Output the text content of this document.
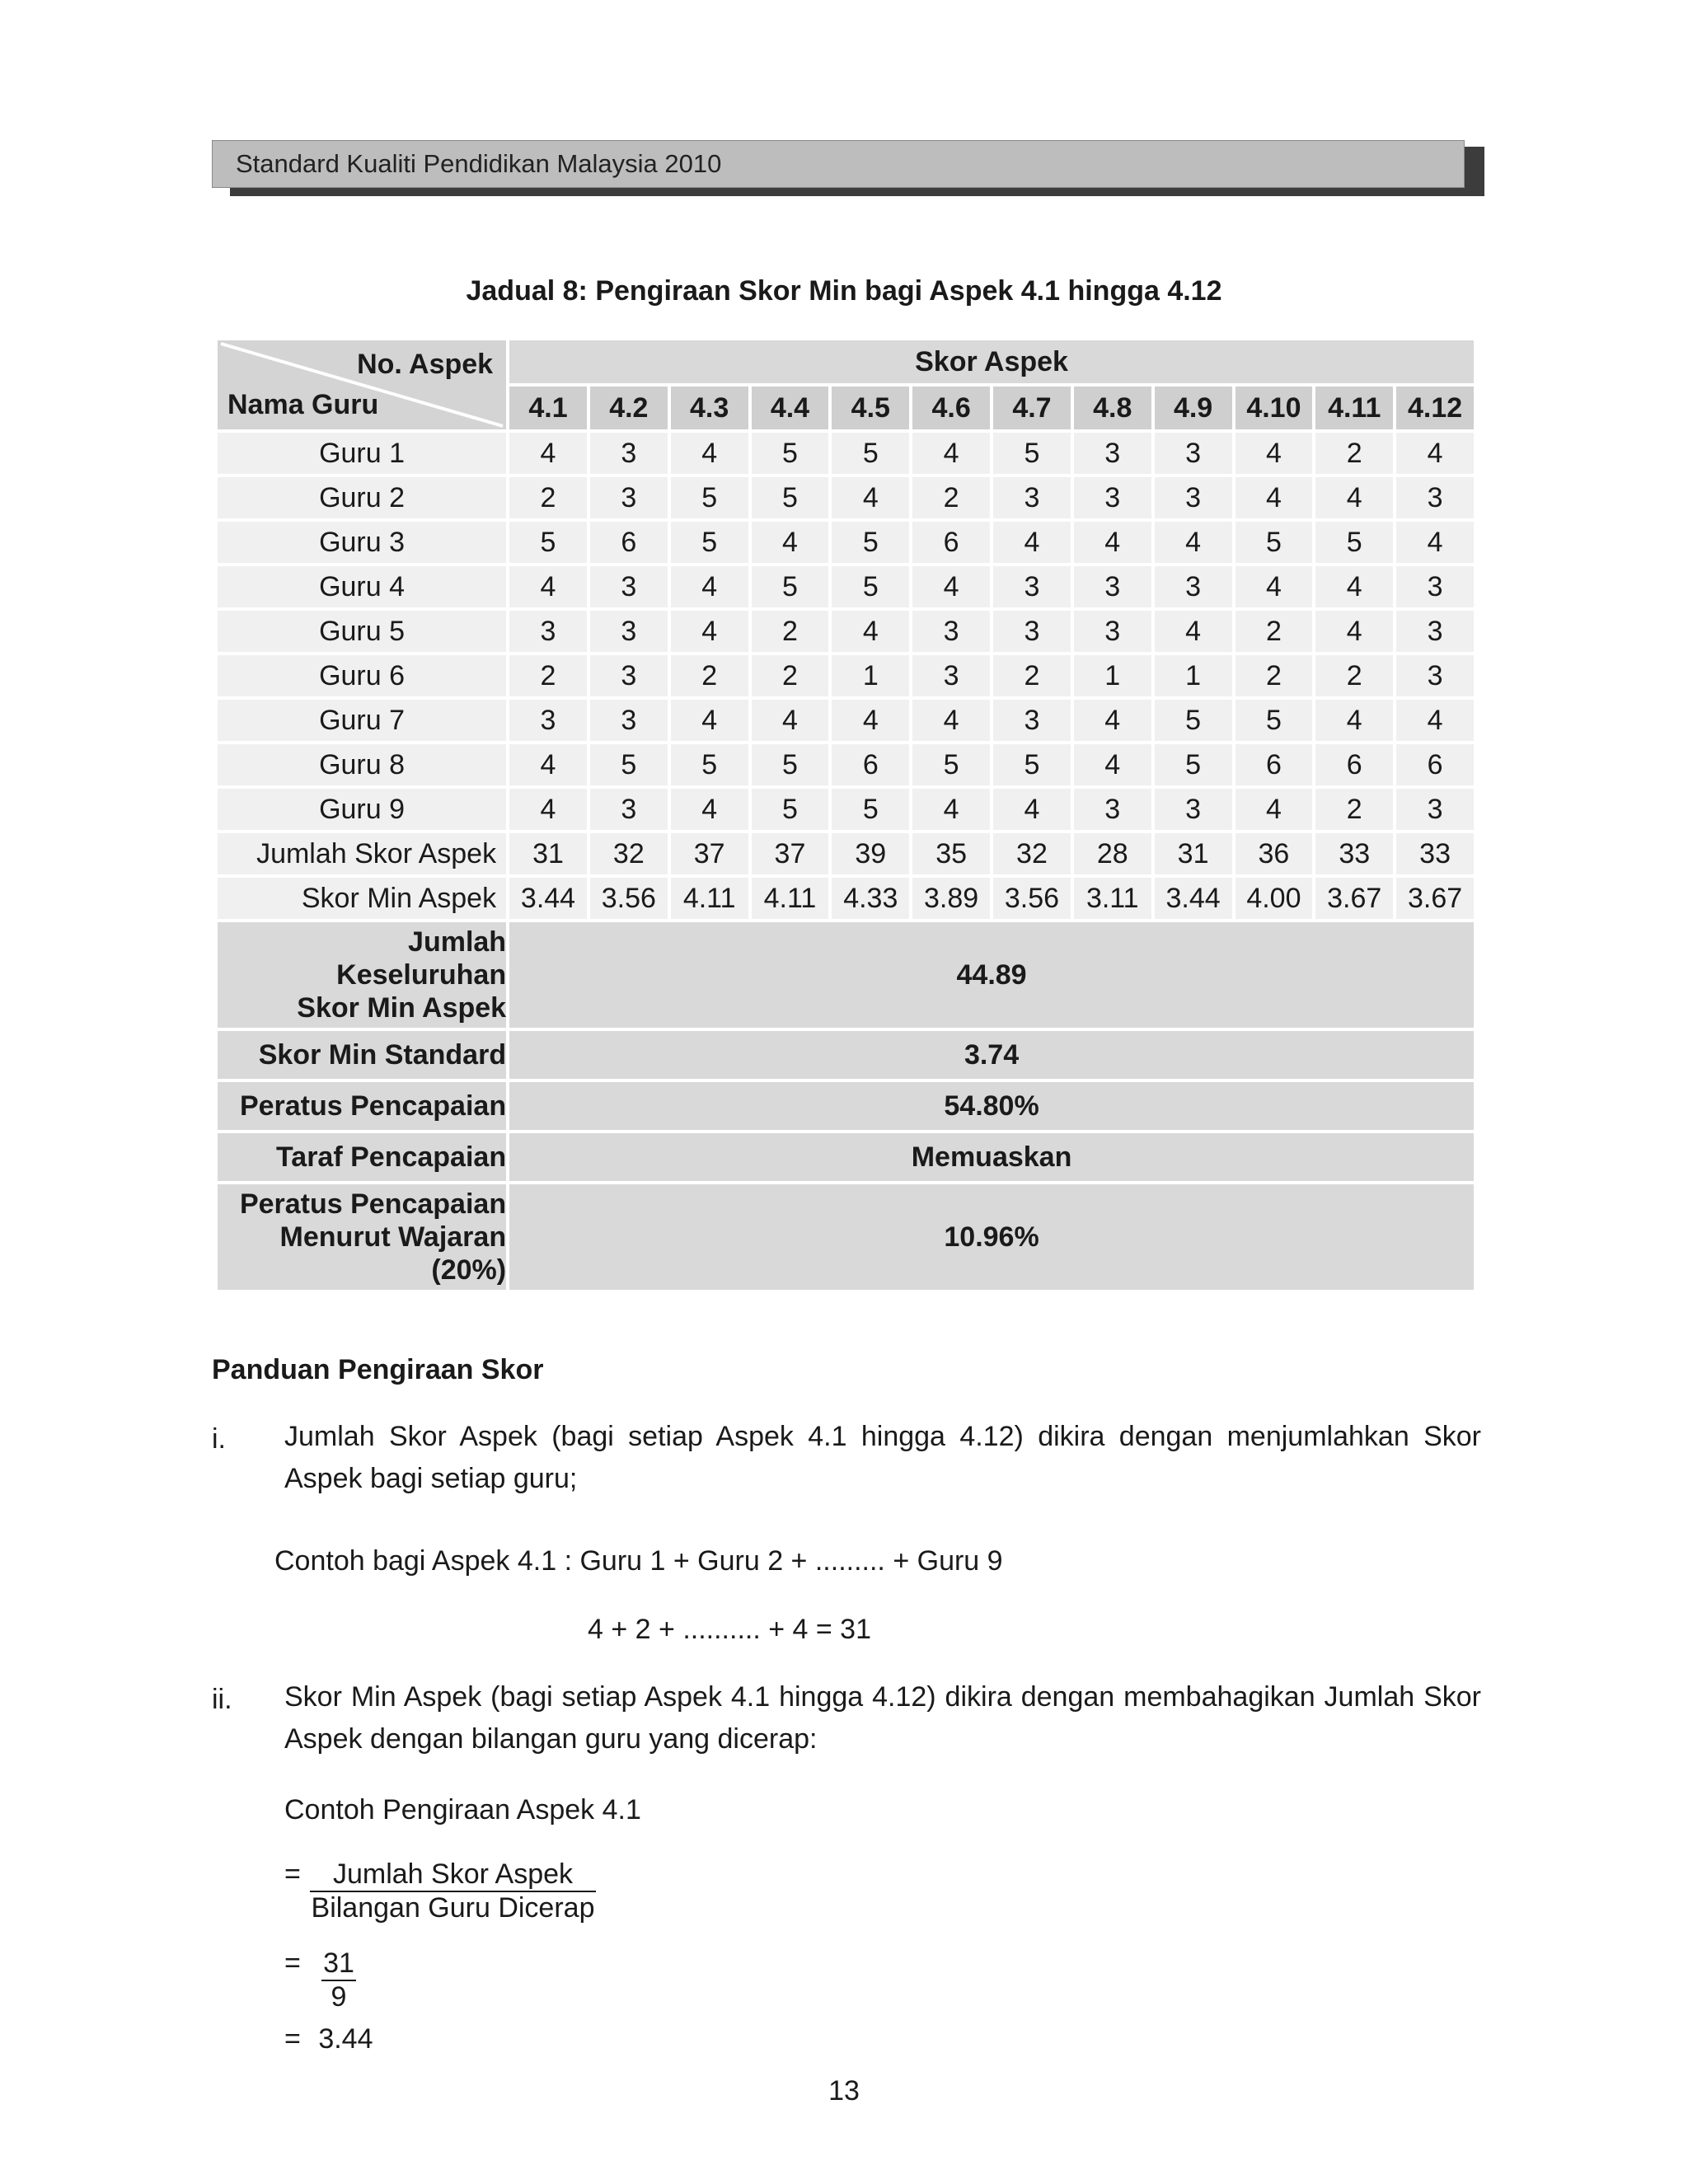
Standard Kualiti Pendidikan Malaysia 2010
Jadual 8: Pengiraan Skor Min bagi Aspek 4.1 hingga 4.12
No. Aspek
Nama Guru	Skor Aspek											
	4.1	4.2	4.3	4.4	4.5	4.6	4.7	4.8	4.9	4.10	4.11	4.12
Guru 1	4	3	4	5	5	4	5	3	3	4	2	4
Guru 2	2	3	5	5	4	2	3	3	3	4	4	3
Guru 3	5	6	5	4	5	6	4	4	4	5	5	4
Guru 4	4	3	4	5	5	4	3	3	3	4	4	3
Guru 5	3	3	4	2	4	3	3	3	4	2	4	3
Guru 6	2	3	2	2	1	3	2	1	1	2	2	3
Guru 7	3	3	4	4	4	4	3	4	5	5	4	4
Guru 8	4	5	5	5	6	5	5	4	5	6	6	6
Guru 9	4	3	4	5	5	4	4	3	3	4	2	3
Jumlah Skor Aspek	31	32	37	37	39	35	32	28	31	36	33	33
Skor Min Aspek	3.44	3.56	4.11	4.11	4.33	3.89	3.56	3.11	3.44	4.00	3.67	3.67

Jumlah
Keseluruhan
Skor Min Aspek	44.89											

Skor Min Standard	3.74											

Peratus Pencapaian	54.80%											

Taraf Pencapaian	Memuaskan											

Peratus Pencapaian
Menurut Wajaran
(20%)	10.96%											
Panduan Pengiraan Skor
i. Jumlah Skor Aspek (bagi setiap Aspek 4.1 hingga 4.12) dikira dengan menjumlahkan Skor Aspek bagi setiap guru;
Contoh bagi Aspek 4.1 : Guru 1 + Guru 2 + ......... + Guru 9
4 + 2 + .......... + 4 = 31
ii. Skor Min Aspek (bagi setiap Aspek 4.1 hingga 4.12) dikira dengan membahagikan Jumlah Skor Aspek dengan bilangan guru yang dicerap:
Contoh Pengiraan Aspek 4.1
=	Jumlah Skor Aspek
Bilangan Guru Dicerap
= $\frac{31}{9}$
= 3.44
13
